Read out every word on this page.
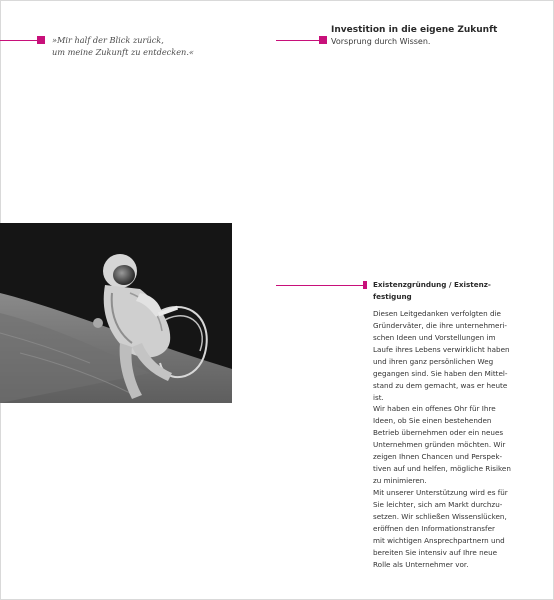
»Mir half der Blick zurück,
um meine Zukunft zu entdecken.«
Investition in die eigene Zukunft
Vorsprung durch Wissen.
Existenzgründung / Existenz-
festigung
Diesen Leitgedanken verfolgten die
Gründerväter, die ihre unternehmeri-
schen Ideen und Vorstellungen im
Laufe ihres Lebens verwirklicht haben
und ihren ganz persönlichen Weg
gegangen sind. Sie haben den Mittel-
stand zu dem gemacht, was er heute
ist.
Wir haben ein offenes Ohr für Ihre
Ideen, ob Sie einen bestehenden
Betrieb übernehmen oder ein neues
Unternehmen gründen möchten. Wir
zeigen Ihnen Chancen und Perspek-
tiven auf und helfen, mögliche Risiken
zu minimieren.
Mit unserer Unterstützung wird es für
Sie leichter, sich am Markt durchzu-
setzen. Wir schließen Wissenslücken,
eröffnen den Informationstransfer
mit wichtigen Ansprechpartnern und
bereiten Sie intensiv auf Ihre neue
Rolle als Unternehmer vor.
